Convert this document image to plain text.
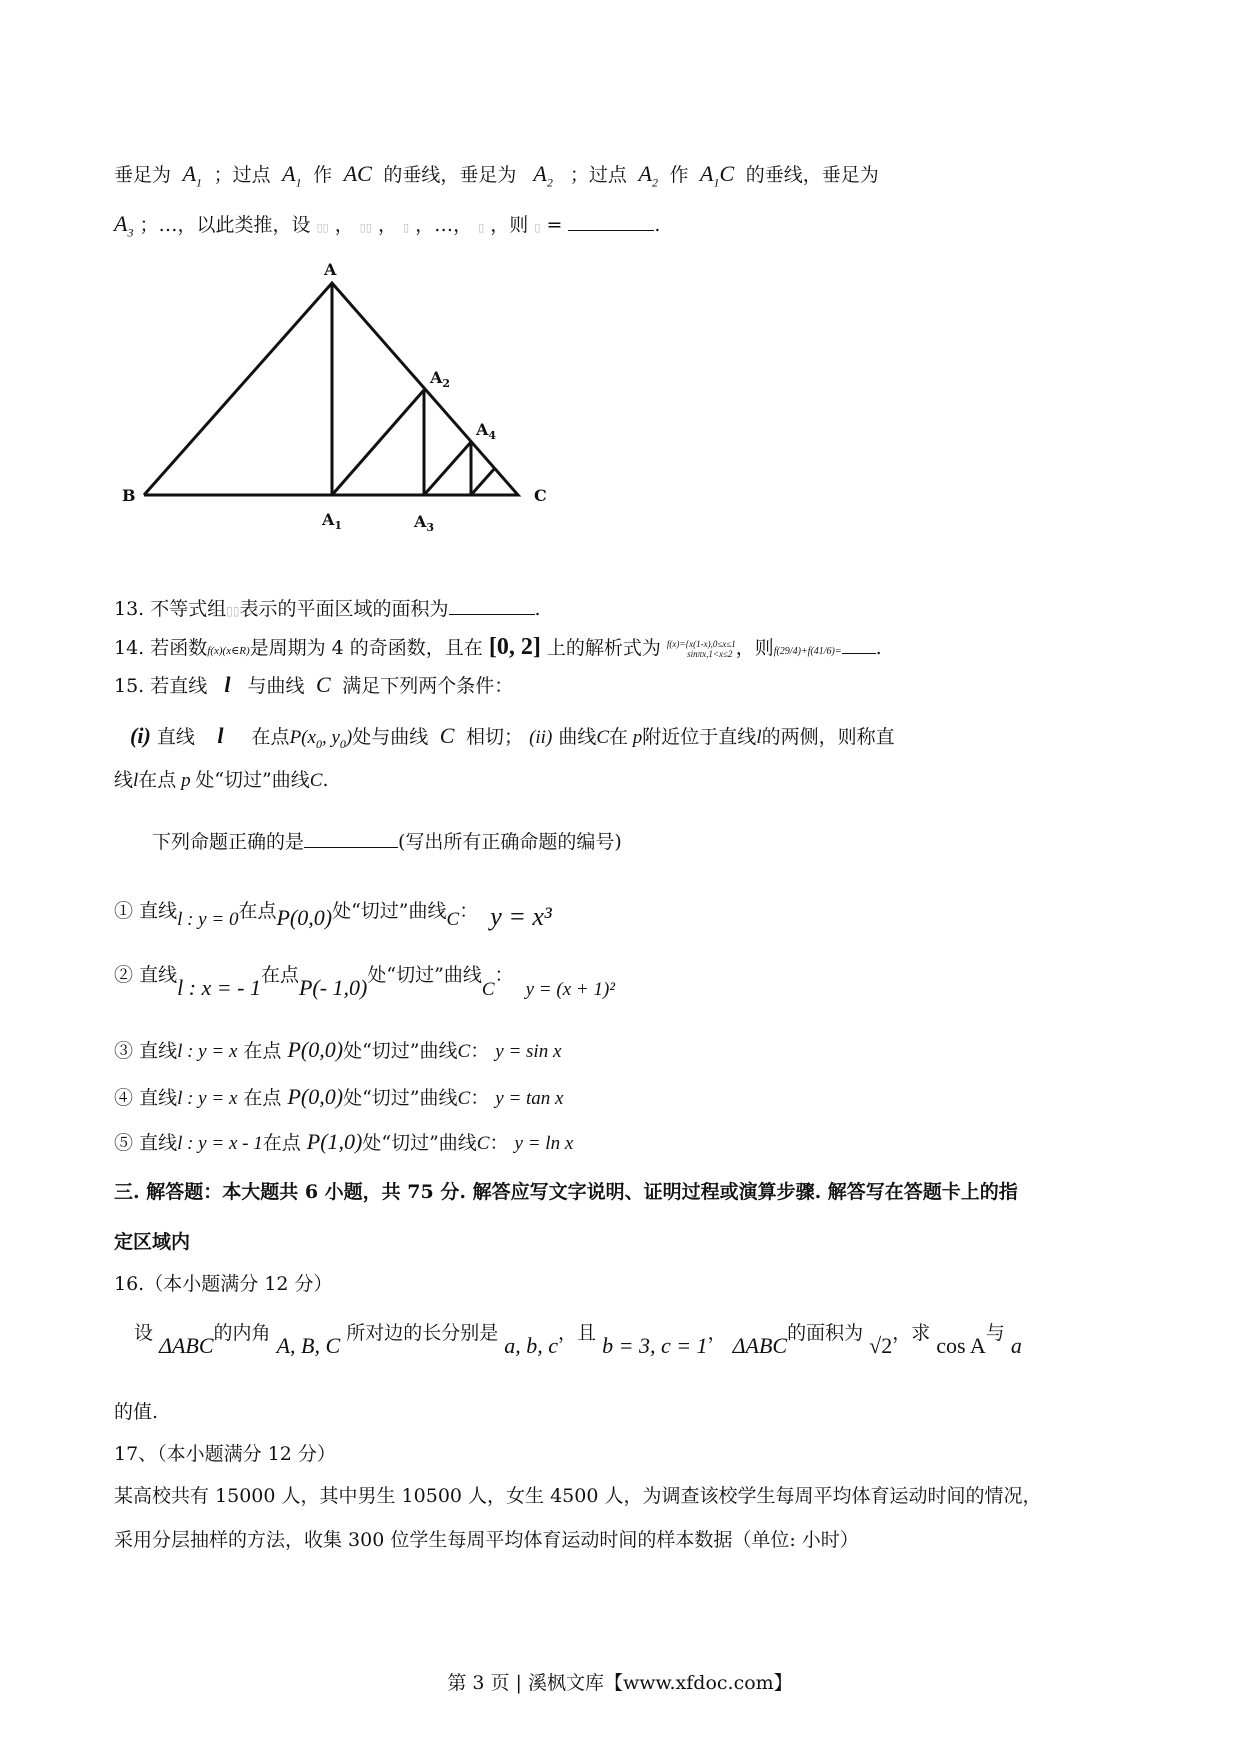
垂足为  $A_1$ ；过点  $A_1$ 作  AC  的垂线，垂足为   $A_2$ ；过点  $A_2$ 作  $A_1C$  的垂线，垂足为
$A_3$ ；…，以此类推，设 ▯▯ ， ▯▯ ， ▯ ，…， ▯ ，则 ▯ =	.
A
B	C
$A_1$
$A_2$
$A_3$
$A_4$
13. 不等式组▯▯表示的平面区域的面积为	.
14. 若函数f(x)(x∈R)是周期为 4 的奇函数，且在 [0, 2] 上的解析式为 f(x)={x(1-x),0≤x≤1
sinπx,1<x≤2 ，则f(29/4)+f(41/6)= .
15. 若直线   l   与曲线  C  满足下列两个条件：
(i) 直线    l     在点$P(x_0$, $y_0$)处与曲线  C  相切； (ii) 曲线C在 p附近位于直线l的两侧，则称直
线l在点 p 处“切过”曲线C.
下列命题正确的是	(写出所有正确命题的编号)
① 直线l : y = 0在点P(0,0)处“切过”曲线C： y = x³
② 直线l : x = - 1在点P(- 1,0)处“切过”曲线C：  y = (x + 1)²
③ 直线l : y = x 在点 P(0,0)处“切过”曲线C： y = sin x
④ 直线l : y = x 在点 P(0,0)处“切过”曲线C： y = tan x
⑤ 直线l : y = x - 1在点 P(1,0)处“切过”曲线C： y = ln x
三. 解答题：本大题共 6 小题，共 75 分. 解答应写文字说明、证明过程或演算步骤. 解答写在答题卡上的指
定区域内
16.（本小题满分 12 分）
设 ΔABC的内角 A, B, C 所对边的长分别是 a, b, c，且 b = 3, c = 1， ΔABC的面积为 √2，求 cos A与 a
的值.
17、（本小题满分 12 分）
某高校共有 15000 人，其中男生 10500 人，女生 4500 人，为调查该校学生每周平均体育运动时间的情况，
采用分层抽样的方法，收集 300 位学生每周平均体育运动时间的样本数据（单位: 小时）
第 3 页 | 溪枫文库【www.xfdoc.com】
